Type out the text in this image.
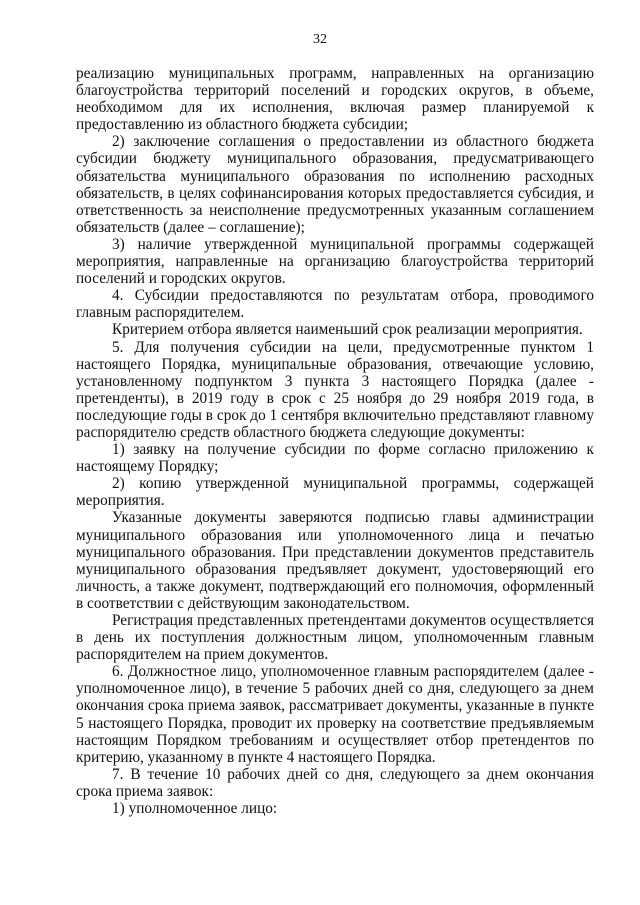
32

реализацию муниципальных программ, направленных на организацию благоустройства территорий поселений и городских округов, в объеме, необходимом для их исполнения, включая размер планируемой к предоставлению из областного бюджета субсидии;

2) заключение соглашения о предоставлении из областного бюджета субсидии бюджету муниципального образования, предусматривающего обязательства муниципального образования по исполнению расходных обязательств, в целях софинансирования которых предоставляется субсидия, и ответственность за неисполнение предусмотренных указанным соглашением обязательств (далее – соглашение);

3) наличие утвержденной муниципальной программы содержащей мероприятия, направленные на организацию благоустройства территорий поселений и городских округов.

4. Субсидии предоставляются по результатам отбора, проводимого главным распорядителем.

Критерием отбора является наименьший срок реализации мероприятия.

5. Для получения субсидии на цели, предусмотренные пунктом 1 настоящего Порядка, муниципальные образования, отвечающие условию, установленному подпунктом 3 пункта 3 настоящего Порядка (далее - претенденты), в 2019 году в срок с 25 ноября до 29 ноября 2019 года, в последующие годы в срок до 1 сентября включительно представляют главному распорядителю средств областного бюджета следующие документы:

1) заявку на получение субсидии по форме согласно приложению к настоящему Порядку;

2) копию утвержденной муниципальной программы, содержащей мероприятия.

Указанные документы заверяются подписью главы администрации муниципального образования или уполномоченного лица и печатью муниципального образования. При представлении документов представитель муниципального образования предъявляет документ, удостоверяющий его личность, а также документ, подтверждающий его полномочия, оформленный в соответствии с действующим законодательством.

Регистрация представленных претендентами документов осуществляется в день их поступления должностным лицом, уполномоченным главным распорядителем на прием документов.

6. Должностное лицо, уполномоченное главным распорядителем (далее - уполномоченное лицо), в течение 5 рабочих дней со дня, следующего за днем окончания срока приема заявок, рассматривает документы, указанные в пункте 5 настоящего Порядка, проводит их проверку на соответствие предъявляемым настоящим Порядком требованиям и осуществляет отбор претендентов по критерию, указанному в пункте 4 настоящего Порядка.

7. В течение 10 рабочих дней со дня, следующего за днем окончания срока приема заявок:

1) уполномоченное лицо:
